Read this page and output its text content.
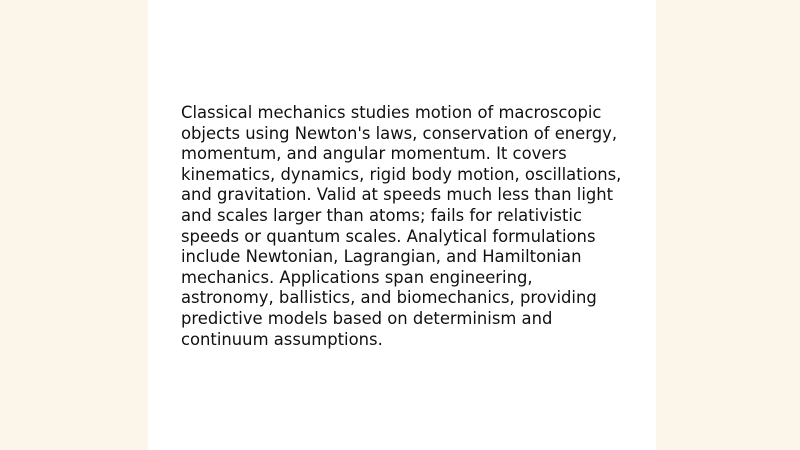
Classical mechanics studies motion of macroscopic
objects using Newton's laws, conservation of energy,
momentum, and angular momentum. It covers
kinematics, dynamics, rigid body motion, oscillations,
and gravitation. Valid at speeds much less than light
and scales larger than atoms; fails for relativistic
speeds or quantum scales. Analytical formulations
include Newtonian, Lagrangian, and Hamiltonian
mechanics. Applications span engineering,
astronomy, ballistics, and biomechanics, providing
predictive models based on determinism and
continuum assumptions.
